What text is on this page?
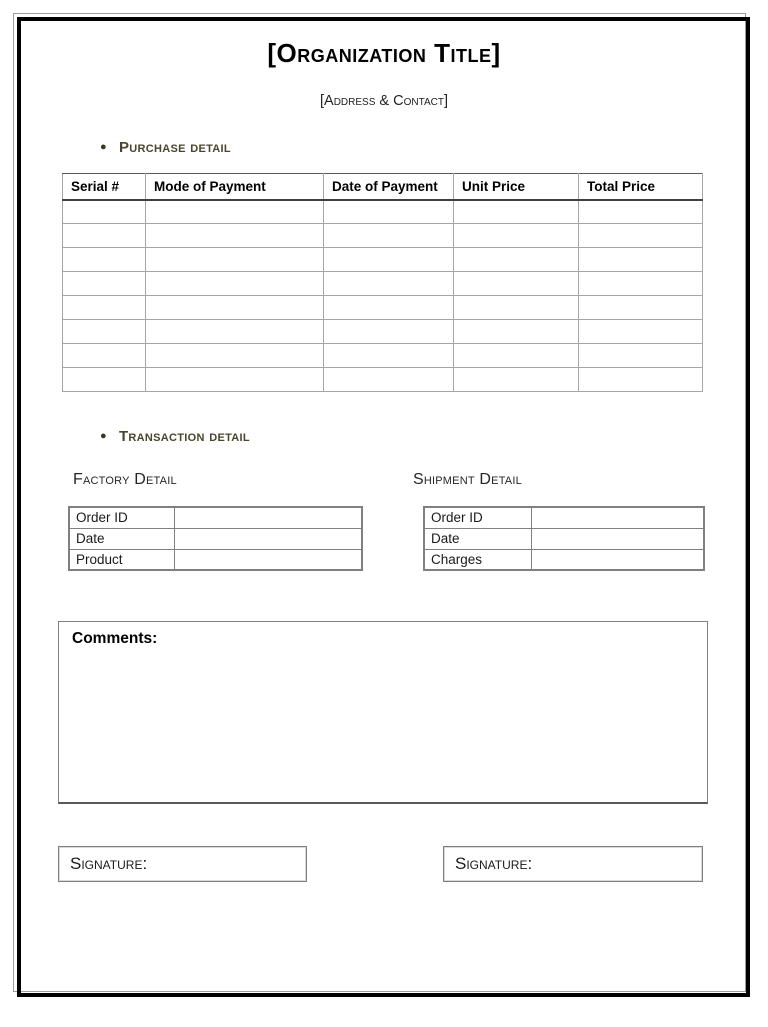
[Organization Title]
[Address & Contact]
● Purchase detail
Serial #	Mode of Payment	Date of Payment	Unit Price	Total Price

● Transaction detail
Factory Detail
Order ID	
Date	
Product	
Shipment Detail
Order ID	
Date	
Charges	
Comments:
Signature:	Signature:
